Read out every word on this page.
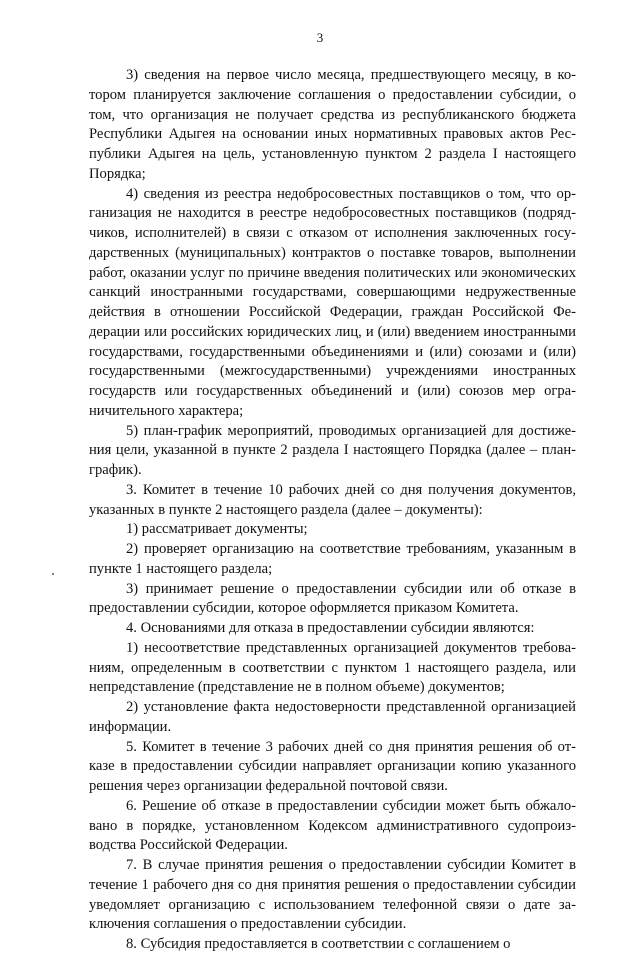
3

3) сведения на первое число месяца, предшествующего месяцу, в котором планируется заключение соглашения о предоставлении субсидии, о том, что организация не получает средства из республиканского бюджета Республики Адыгея на основании иных нормативных правовых актов Республики Адыгея на цель, установленную пунктом 2 раздела I настоящего Порядка;

4) сведения из реестра недобросовестных поставщиков о том, что организация не находится в реестре недобросовестных поставщиков (подрядчиков, исполнителей) в связи с отказом от исполнения заключенных государственных (муниципальных) контрактов о поставке товаров, выполнении работ, оказании услуг по причине введения политических или экономических санкций иностранными государствами, совершающими недружественные действия в отношении Российской Федерации, граждан Российской Федерации или российских юридических лиц, и (или) введением иностранными государствами, государственными объединениями и (или) союзами и (или) государственными (межгосударственными) учреждениями иностранных государств или государственных объединений и (или) союзов мер ограничительного характера;

5) план-график мероприятий, проводимых организацией для достижения цели, указанной в пункте 2 раздела I настоящего Порядка (далее – план-график).

3. Комитет в течение 10 рабочих дней со дня получения документов, указанных в пункте 2 настоящего раздела (далее – документы):

1) рассматривает документы;

2) проверяет организацию на соответствие требованиям, указанным в пункте 1 настоящего раздела;

3) принимает решение о предоставлении субсидии или об отказе в предоставлении субсидии, которое оформляется приказом Комитета.

4. Основаниями для отказа в предоставлении субсидии являются:

1) несоответствие представленных организацией документов требованиям, определенным в соответствии с пунктом 1 настоящего раздела, или непредставление (представление не в полном объеме) документов;

2) установление факта недостоверности представленной организацией информации.

5. Комитет в течение 3 рабочих дней со дня принятия решения об отказе в предоставлении субсидии направляет организации копию указанного решения через организации федеральной почтовой связи.

6. Решение об отказе в предоставлении субсидии может быть обжаловано в порядке, установленном Кодексом административного судопроизводства Российской Федерации.

7. В случае принятия решения о предоставлении субсидии Комитет в течение 1 рабочего дня со дня принятия решения о предоставлении субсидии уведомляет организацию с использованием телефонной связи о дате заключения соглашения о предоставлении субсидии.

8. Субсидия предоставляется в соответствии с соглашением о
